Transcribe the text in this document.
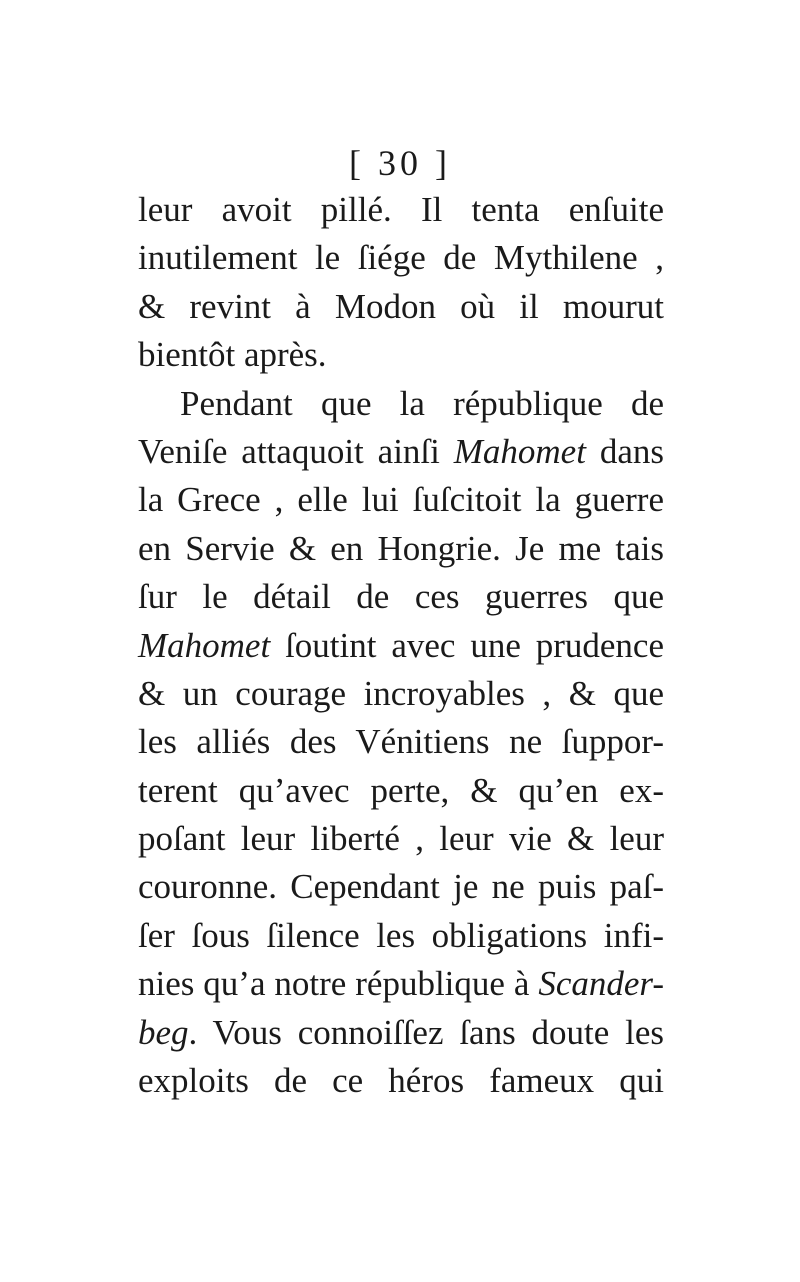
[ 30 ]
leur avoit pillé. Il tenta enſuite
inutilement le ſiége de Mythilene ,
& revint à Modon où il mourut
bientôt après.
Pendant que la république de
Veniſe attaquoit ainſi Mahomet dans
la Grece , elle lui ſuſcitoit la guerre
en Servie & en Hongrie. Je me tais
ſur le détail de ces guerres que
Mahomet ſoutint avec une prudence
& un courage incroyables , & que
les alliés des Vénitiens ne ſuppor-
terent qu’avec perte, & qu’en ex-
poſant leur liberté , leur vie & leur
couronne. Cependant je ne puis paſ-
ſer ſous ſilence les obligations infi-
nies qu’a notre république à Scander-
beg. Vous connoiſſez ſans doute les
exploits de ce héros fameux qui
